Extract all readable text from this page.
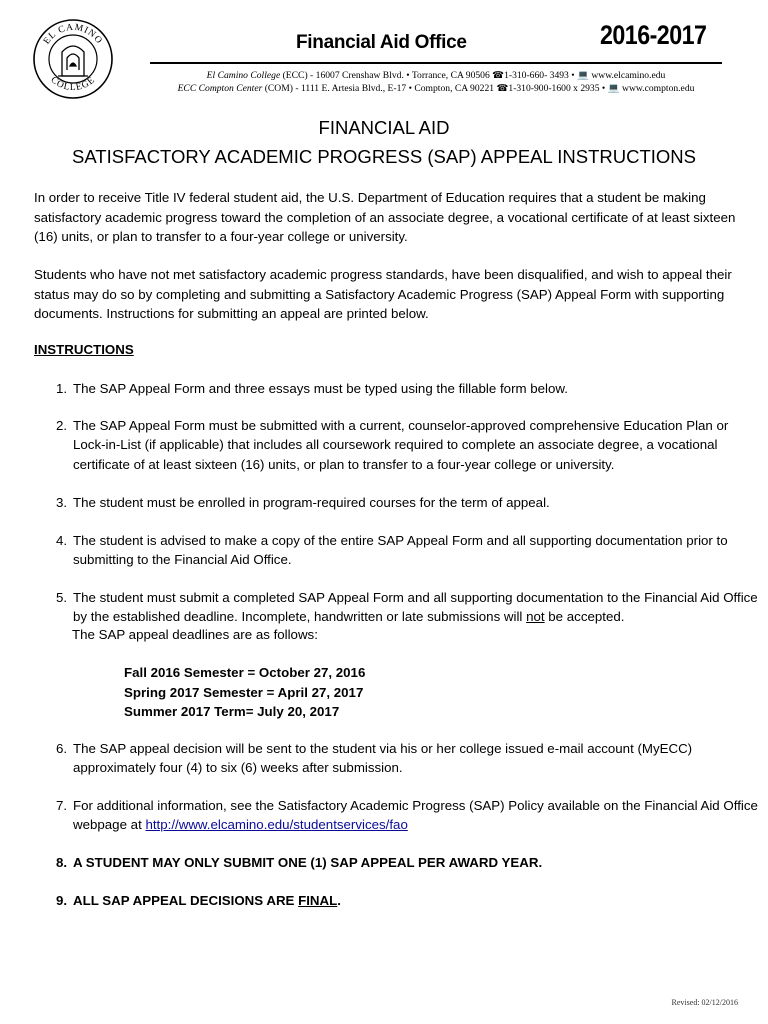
EL CAMINO
COLLEGE
Financial Aid Office	2016-2017
El Camino College (ECC) - 16007 Crenshaw Blvd. • Torrance, CA 90506 ☎1-310-660- 3493 • 💻 www.elcamino.edu
ECC Compton Center (COM) - 1111 E. Artesia Blvd., E-17 • Compton, CA 90221 ☎1-310-900-1600 x 2935 • 💻 www.compton.edu
FINANCIAL AID
SATISFACTORY ACADEMIC PROGRESS (SAP) APPEAL INSTRUCTIONS
In order to receive Title IV federal student aid, the U.S. Department of Education requires that a student be making satisfactory academic progress toward the completion of an associate degree, a vocational certificate of at least sixteen (16) units, or plan to transfer to a four-year college or university.
Students who have not met satisfactory academic progress standards, have been disqualified, and wish to appeal their status may do so by completing and submitting a Satisfactory Academic Progress (SAP) Appeal Form with supporting documents. Instructions for submitting an appeal are printed below.
INSTRUCTIONS
1. The SAP Appeal Form and three essays must be typed using the fillable form below.
2. The SAP Appeal Form must be submitted with a current, counselor-approved comprehensive Education Plan or Lock-in-List (if applicable) that includes all coursework required to complete an associate degree, a vocational certificate of at least sixteen (16) units, or plan to transfer to a four-year college or university.
3. The student must be enrolled in program-required courses for the term of appeal.
4. The student is advised to make a copy of the entire SAP Appeal Form and all supporting documentation prior to submitting to the Financial Aid Office.
5. The student must submit a completed SAP Appeal Form and all supporting documentation to the Financial Aid Office by the established deadline. Incomplete, handwritten or late submissions will not be accepted.
The SAP appeal deadlines are as follows:
Fall 2016 Semester = October 27, 2016
Spring 2017 Semester = April 27, 2017
Summer 2017 Term= July 20, 2017
6. The SAP appeal decision will be sent to the student via his or her college issued e-mail account (MyECC) approximately four (4) to six (6) weeks after submission.
7. For additional information, see the Satisfactory Academic Progress (SAP) Policy available on the Financial Aid Office webpage at http://www.elcamino.edu/studentservices/fao
8. A STUDENT MAY ONLY SUBMIT ONE (1) SAP APPEAL PER AWARD YEAR.
9. ALL SAP APPEAL DECISIONS ARE FINAL.
Revised: 02/12/2016
